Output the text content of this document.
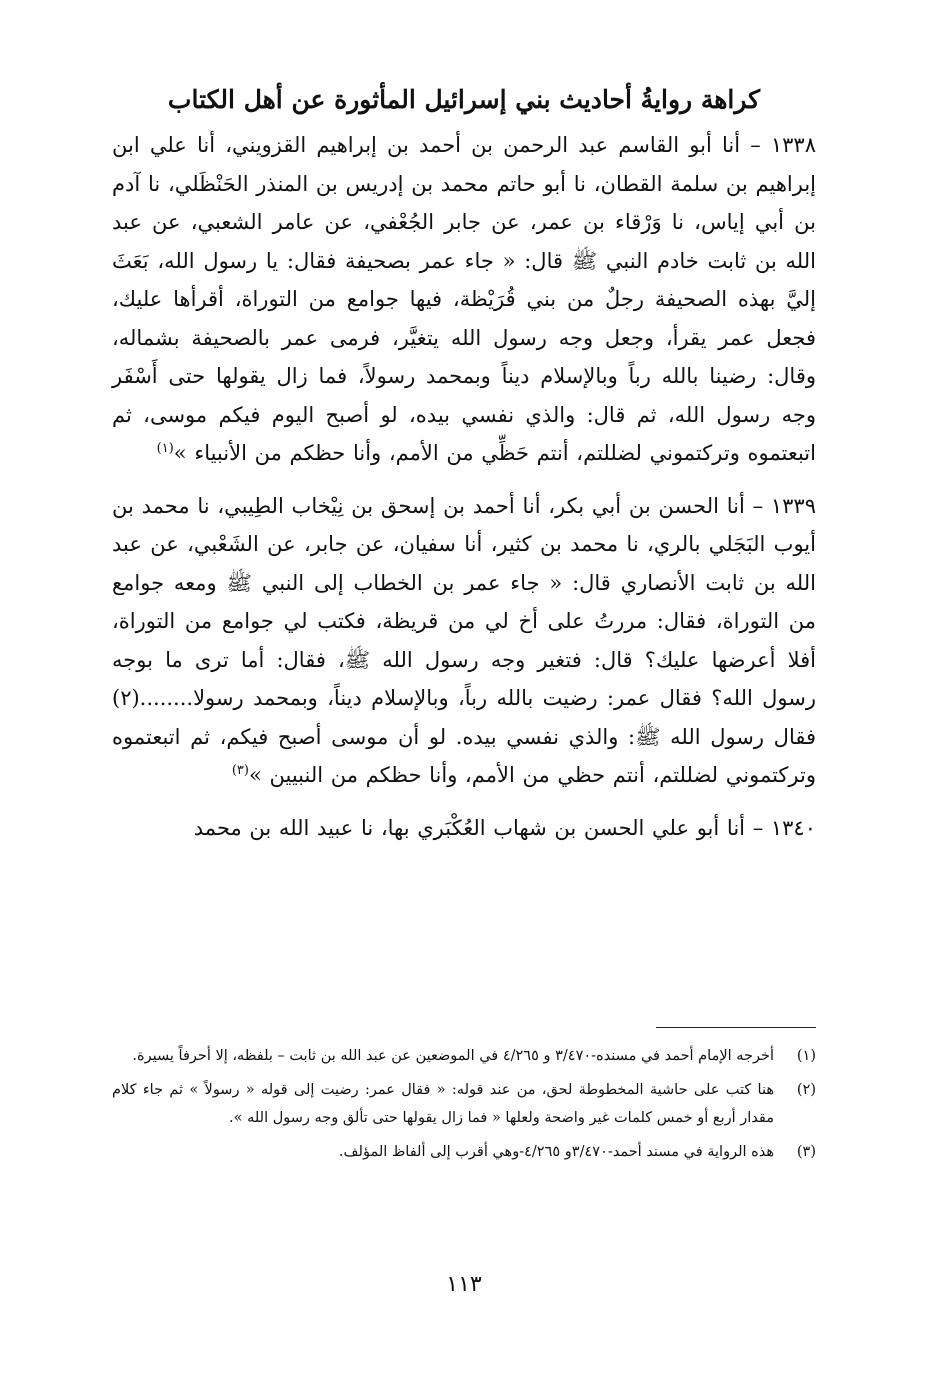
كراهة روايةُ أحاديث بني إسرائيل المأثورة عن أهل الكتاب

١٣٣٨ – أنا أبو القاسم عبد الرحمن بن أحمد بن إبراهيم القزويني، أنا علي ابن إبراهيم بن سلمة القطان، نا أبو حاتم محمد بن إدريس بن المنذر الحَنْظَلي، نا آدم بن أبي إياس، نا وَرْقاء بن عمر، عن جابر الجُعْفي، عن عامر الشعبي، عن عبد الله بن ثابت خادم النبي ﷺ قال: « جاء عمر بصحيفة فقال: يا رسول الله، بَعَثَ إليَّ بهذه الصحيفة رجلٌ من بني قُرَيْظة، فيها جوامع من التوراة، أقرأها عليك، فجعل عمر يقرأ، وجعل وجه رسول الله يتغيَّر، فرمى عمر بالصحيفة بشماله، وقال: رضينا بالله رباً وبالإسلام ديناً وبمحمد رسولاً، فما زال يقولها حتى أَسْفَر وجه رسول الله، ثم قال: والذي نفسي بيده، لو أصبح اليوم فيكم موسى، ثم اتبعتموه وتركتموني لضللتم، أنتم حَظِّي من الأمم، وأنا حظكم من الأنبياء »$^{(١)}$

١٣٣٩ – أنا الحسن بن أبي بكر، أنا أحمد بن إسحق بن نِيْخاب الطِيبي، نا محمد بن أيوب البَجَلي بالري، نا محمد بن كثير، أنا سفيان، عن جابر، عن الشَعْبي، عن عبد الله بن ثابت الأنصاري قال: « جاء عمر بن الخطاب إلى النبي ﷺ ومعه جوامع من التوراة، فقال: مررتُ على أخ لي من قريظة، فكتب لي جوامع من التوراة، أفلا أعرضها عليك؟ قال: فتغير وجه رسول الله ﷺ، فقال: أما ترى ما بوجه رسول الله؟ فقال عمر: رضيت بالله رباً، وبالإسلام ديناً، وبمحمد رسولا........(٢) فقال رسول الله ﷺ: والذي نفسي بيده. لو أن موسى أصبح فيكم، ثم اتبعتموه وتركتموني لضللتم، أنتم حظي من الأمم، وأنا حظكم من النبيين »$^{(٣)}$

١٣٤٠ – أنا أبو علي الحسن بن شهاب العُكْبَري بها، نا عبيد الله بن محمد

(١)
أخرجه الإمام أحمد في مسنده-٣/٤٧٠ و ٤/٢٦٥ في الموضعين عن عبد الله بن ثابت – بلفظه، إلا أحرفاً يسيرة.
(٢)
هنا كتب على حاشية المخطوطة لحق، من عند قوله: « فقال عمر: رضيت إلى قوله « رسولاً » ثم جاء كلام مقدار أربع أو خمس كلمات غير واضحة ولعلها « فما زال يقولها حتى تألق وجه رسول الله ».
(٣)
هذه الرواية في مسند أحمد-٣/٤٧٠و ٤/٢٦٥-وهي أقرب إلى ألفاظ المؤلف.
١١٣
